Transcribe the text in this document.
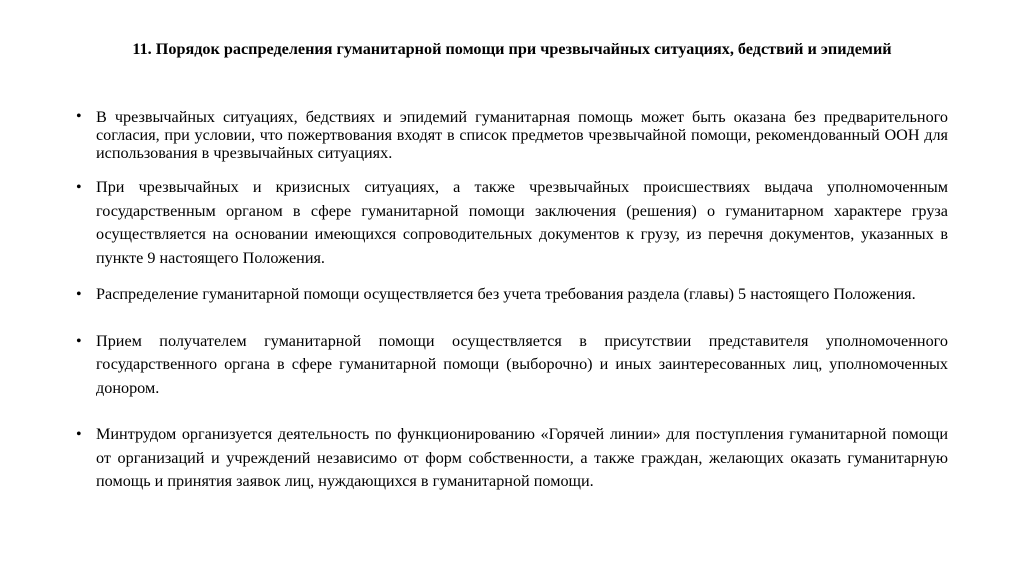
11. Порядок распределения гуманитарной помощи при чрезвычайных ситуациях, бедствий и эпидемий
• В чрезвычайных ситуациях, бедствиях и эпидемий гуманитарная помощь может быть оказана без предварительного согласия, при условии, что пожертвования входят в список предметов чрезвычайной помощи, рекомендованный ООН для использования в чрезвычайных ситуациях.
• При чрезвычайных и кризисных ситуациях, а также чрезвычайных происшествиях выдача уполномоченным государственным органом в сфере гуманитарной помощи заключения (решения) о гуманитарном характере груза осуществляется на основании имеющихся сопроводительных документов к грузу, из перечня документов, указанных в пункте 9 настоящего Положения.
• Распределение гуманитарной помощи осуществляется без учета требования раздела (главы) 5 настоящего Положения.
• Прием получателем гуманитарной помощи осуществляется в присутствии представителя уполномоченного государственного органа в сфере гуманитарной помощи (выборочно) и иных заинтересованных лиц, уполномоченных донором.
• Минтрудом организуется деятельность по функционированию «Горячей линии» для поступления гуманитарной помощи от организаций и учреждений независимо от форм собственности, а также граждан, желающих оказать гуманитарную помощь и принятия заявок лиц, нуждающихся в гуманитарной помощи.
